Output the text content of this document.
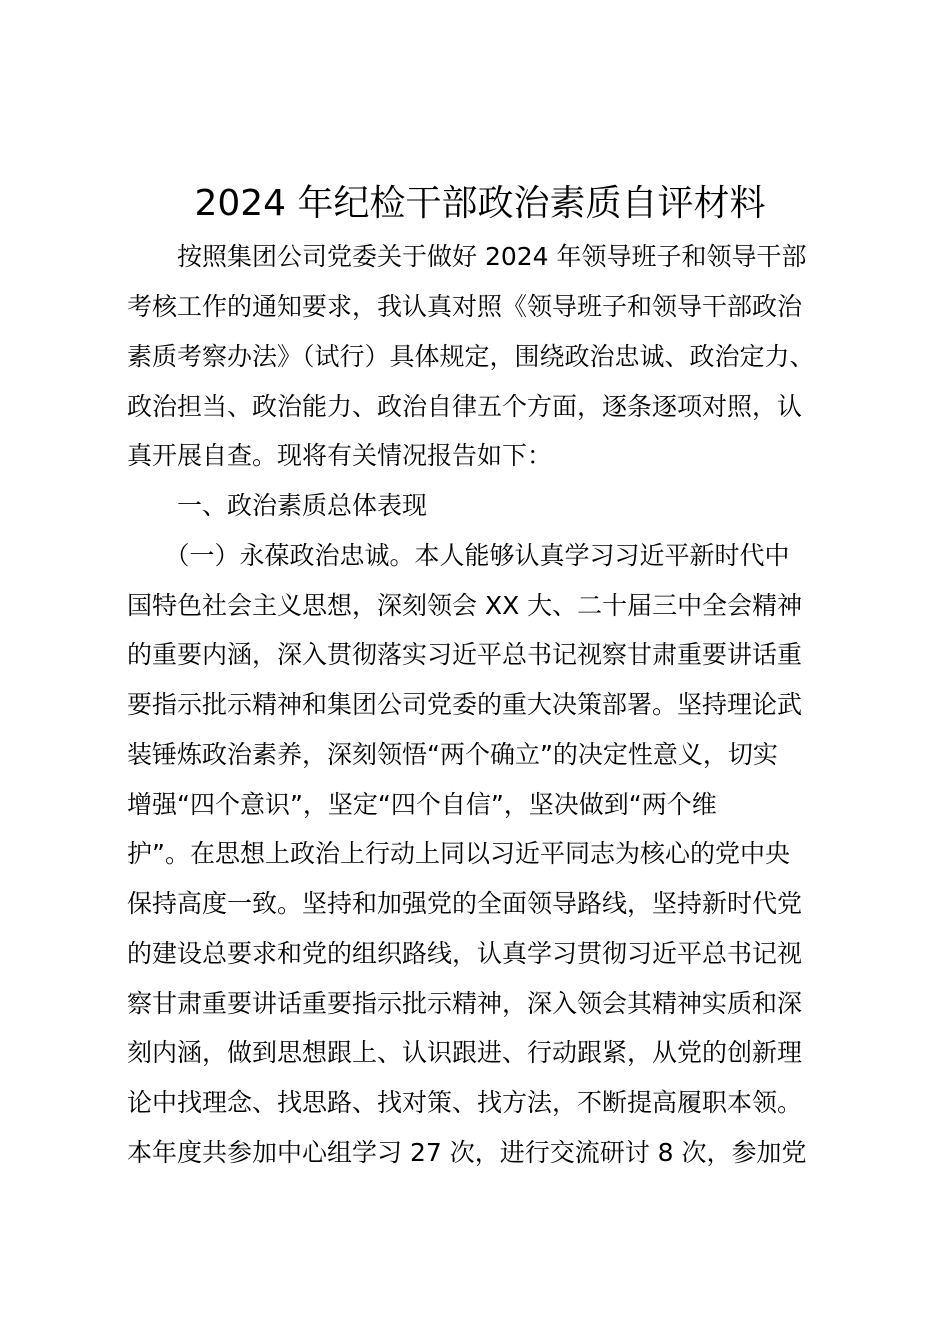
2024 年纪检干部政治素质自评材料
　　按照集团公司党委关于做好 2024 年领导班子和领导干部
考核工作的通知要求，我认真对照《领导班子和领导干部政治
素质考察办法》（试行）具体规定，围绕政治忠诚、政治定力、
政治担当、政治能力、政治自律五个方面，逐条逐项对照，认
真开展自查。现将有关情况报告如下：
　　一、政治素质总体表现
　　（一）永葆政治忠诚。本人能够认真学习习近平新时代中
国特色社会主义思想，深刻领会 XX 大、二十届三中全会精神
的重要内涵，深入贯彻落实习近平总书记视察甘肃重要讲话重
要指示批示精神和集团公司党委的重大决策部署。坚持理论武
装锤炼政治素养，深刻领悟“两个确立”的决定性意义，切实
增强“四个意识”，坚定“四个自信”，坚决做到“两个维
护”。在思想上政治上行动上同以习近平同志为核心的党中央
保持高度一致。坚持和加强党的全面领导路线，坚持新时代党
的建设总要求和党的组织路线，认真学习贯彻习近平总书记视
察甘肃重要讲话重要指示批示精神，深入领会其精神实质和深
刻内涵，做到思想跟上、认识跟进、行动跟紧，从党的创新理
论中找理念、找思路、找对策、找方法，不断提高履职本领。
本年度共参加中心组学习 27 次，进行交流研讨 8 次，参加党
